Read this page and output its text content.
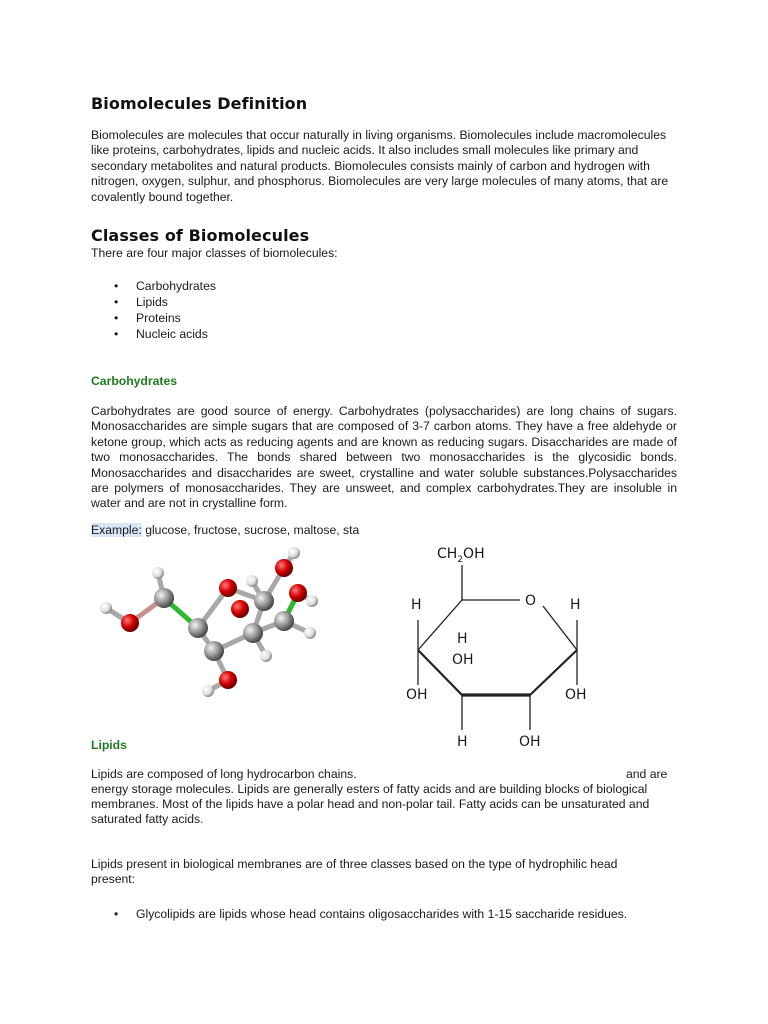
Biomolecules Definition
Biomolecules are molecules that occur naturally in living organisms. Biomolecules include macromolecules like proteins, carbohydrates, lipids and nucleic acids. It also includes small molecules like primary and secondary metabolites and natural products. Biomolecules consists mainly of carbon and hydrogen with nitrogen, oxygen, sulphur, and phosphorus. Biomolecules are very large molecules of many atoms, that are covalently bound together.
Classes of Biomolecules
There are four major classes of biomolecules:
• Carbohydrates
• Lipids
• Proteins
• Nucleic acids
Carbohydrates
Carbohydrates are good source of energy. Carbohydrates (polysaccharides) are long chains of sugars. Monosaccharides are simple sugars that are composed of 3-7 carbon atoms. They have a free aldehyde or ketone group, which acts as reducing agents and are known as reducing sugars. Disaccharides are made of two monosaccharides. The bonds shared between two monosaccharides is the glycosidic bonds. Monosaccharides and disaccharides are sweet, crystalline and water soluble substances.Polysaccharides are polymers of monosaccharides. They are unsweet, and complex carbohydrates.They are insoluble in water and are not in crystalline form.
Example: glucose, fructose, sucrose, maltose, sta
$CH_2OH$
H	O H
H
OH
OH	OH
H	OH
Lipids
Lipids are composed of long hydrocarbon chains.	and are
energy storage molecules. Lipids are generally esters of fatty acids and are building blocks of biological
membranes. Most of the lipids have a polar head and non-polar tail. Fatty acids can be unsaturated and saturated fatty acids.
Lipids present in biological membranes are of three classes based on the type of hydrophilic head present:
• Glycolipids are lipids whose head contains oligosaccharides with 1-15 saccharide residues.
